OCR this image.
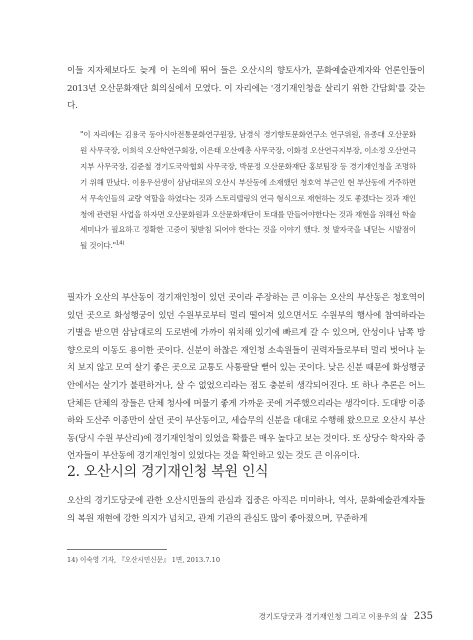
이들 지자체보다도 늦게 이 논의에 뛰어 들은 오산시의 향토사가, 문화예술관계자와 언론인들이 2013년 오산문화재단 회의실에서 모였다. 이 자리에는 '경기재인청을 살리기 위한 간담회'를 갖는다.

"이 자리에는 김용국 동아시아전통문화연구원장, 남경식 경기향토문화연구소 연구위원, 유종대 오산문화원 사무국장, 이희석 오산학연구회장, 이은태 오산예총 사무국장, 이화정 오산연극지부장, 이소정 오산연극지부 사무국장, 김준철 경기도국악협회 사무국장, 박문정 오산문화재단 홍보팀장 등 경기재인청을 조명하기 위해 만났다. 이용우선생이 삼남대로의 오산시 부산동에 소재했던 청호역 부근인 현 부산동에 거주하면서 무속인들의 교량 역할을 하였다는 것과 스토리텔링의 연극 형식으로 재현하는 것도 좋겠다는 것과 재인청에 관련된 사업을 하자면 오산문화원과 오산문화재단이 토대를 만들어야한다는 것과 재현을 위해선 학술세미나가 필요하고 정확한 고증이 뒷받침 되어야 한다는 것을 이야기 했다. 첫 발자국을 내딛는 시발점이 될 것이다."$^{14)}$

필자가 오산의 부산동이 경기재인청이 있던 곳이라 주장하는 큰 이유는 오산의 부산동은 청호역이 있던 곳으로 화성행궁이 있던 수원부로부터 멀리 떨어져 있으면서도 수원부의 행사에 참여하라는 기별을 받으면 삼남대로의 도로변에 가까이 위치해 있기에 빠르게 갈 수 있으며, 안성이나 남쪽 방향으로의 이동도 용이한 곳이다. 신분이 하찮은 재인청 소속원들이 권력자들로부터 멀리 벗어나 눈치 보지 않고 모여 살기 좋은 곳으로 교통도 사통팔달 뻗어 있는 곳이다. 낮은 신분 때문에 화성행궁 안에서는 살기가 불편하거나, 살 수 없었으리라는 점도 충분히 생각되어진다. 또 하나 추론은 어느 단체든 단체의 장들은 단체 청사에 머물기 좋게 가까운 곳에 거주했으리라는 생각이다. 도대방 이종하와 도산주 이종만이 살던 곳이 부산동이고, 세습무의 신분을 대대로 수행해 왔으므로 오산시 부산동(당시 수원 부산리)에 경기재인청이 있었을 확률은 매우 높다고 보는 것이다. 또 상당수 학자와 증언자들이 부산동에 경기재인청이 있었다는 것을 확인하고 있는 것도 큰 이유이다.

2. 오산시의 경기재인청 복원 인식

오산의 경기도당굿에 관한 오산시민들의 관심과 집중은 아직은 미미하나, 역사, 문화예술관계자들의 복원 재현에 강한 의지가 넘치고, 관계 기관의 관심도 많이 좋아졌으며, 꾸준하게

14) 이숙영 기자, 『오산시민신문』 1면, 2013.7.10

경기도당굿과 경기재인청 그리고 이용우의 삶 235
